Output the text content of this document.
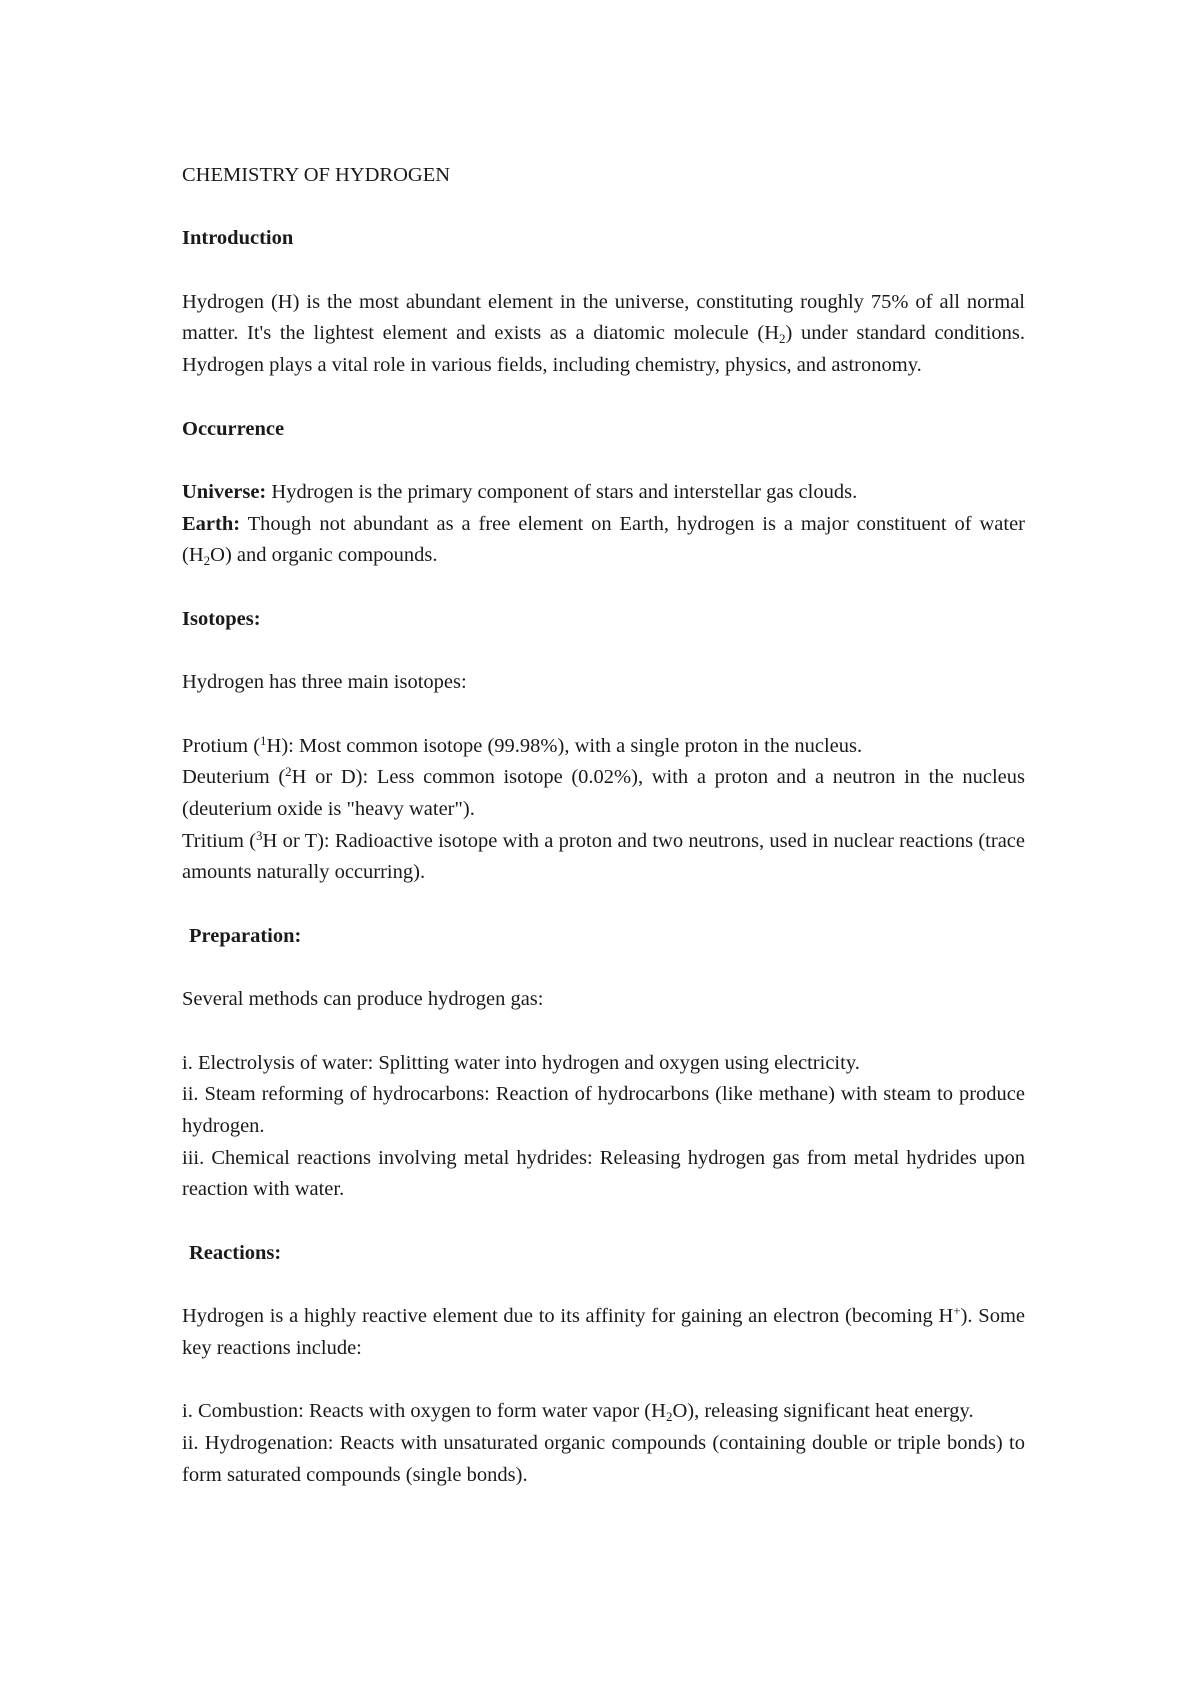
CHEMISTRY OF HYDROGEN
Introduction

Hydrogen (H) is the most abundant element in the universe, constituting roughly 75% of all normal matter. It's the lightest element and exists as a diatomic molecule $(H_2)$ under standard conditions. Hydrogen plays a vital role in various fields, including chemistry, physics, and astronomy.

Occurrence

Universe: Hydrogen is the primary component of stars and interstellar gas clouds.

Earth: Though not abundant as a free element on Earth, hydrogen is a major constituent of water $(H_2O)$ and organic compounds.

Isotopes:

Hydrogen has three main isotopes:

Protium ($^1$H): Most common isotope (99.98%), with a single proton in the nucleus.

Deuterium ($^2$H or D): Less common isotope (0.02%), with a proton and a neutron in the nucleus (deuterium oxide is "heavy water").

Tritium ($^3$H or T): Radioactive isotope with a proton and two neutrons, used in nuclear reactions (trace amounts naturally occurring).

Preparation:

Several methods can produce hydrogen gas:

i. Electrolysis of water: Splitting water into hydrogen and oxygen using electricity.

ii. Steam reforming of hydrocarbons: Reaction of hydrocarbons (like methane) with steam to produce hydrogen.

iii. Chemical reactions involving metal hydrides: Releasing hydrogen gas from metal hydrides upon reaction with water.

Reactions:

Hydrogen is a highly reactive element due to its affinity for gaining an electron (becoming H+). Some key reactions include:

i. Combustion: Reacts with oxygen to form water vapor $(H_2O)$, releasing significant heat energy.

ii. Hydrogenation: Reacts with unsaturated organic compounds (containing double or triple bonds) to form saturated compounds (single bonds).
